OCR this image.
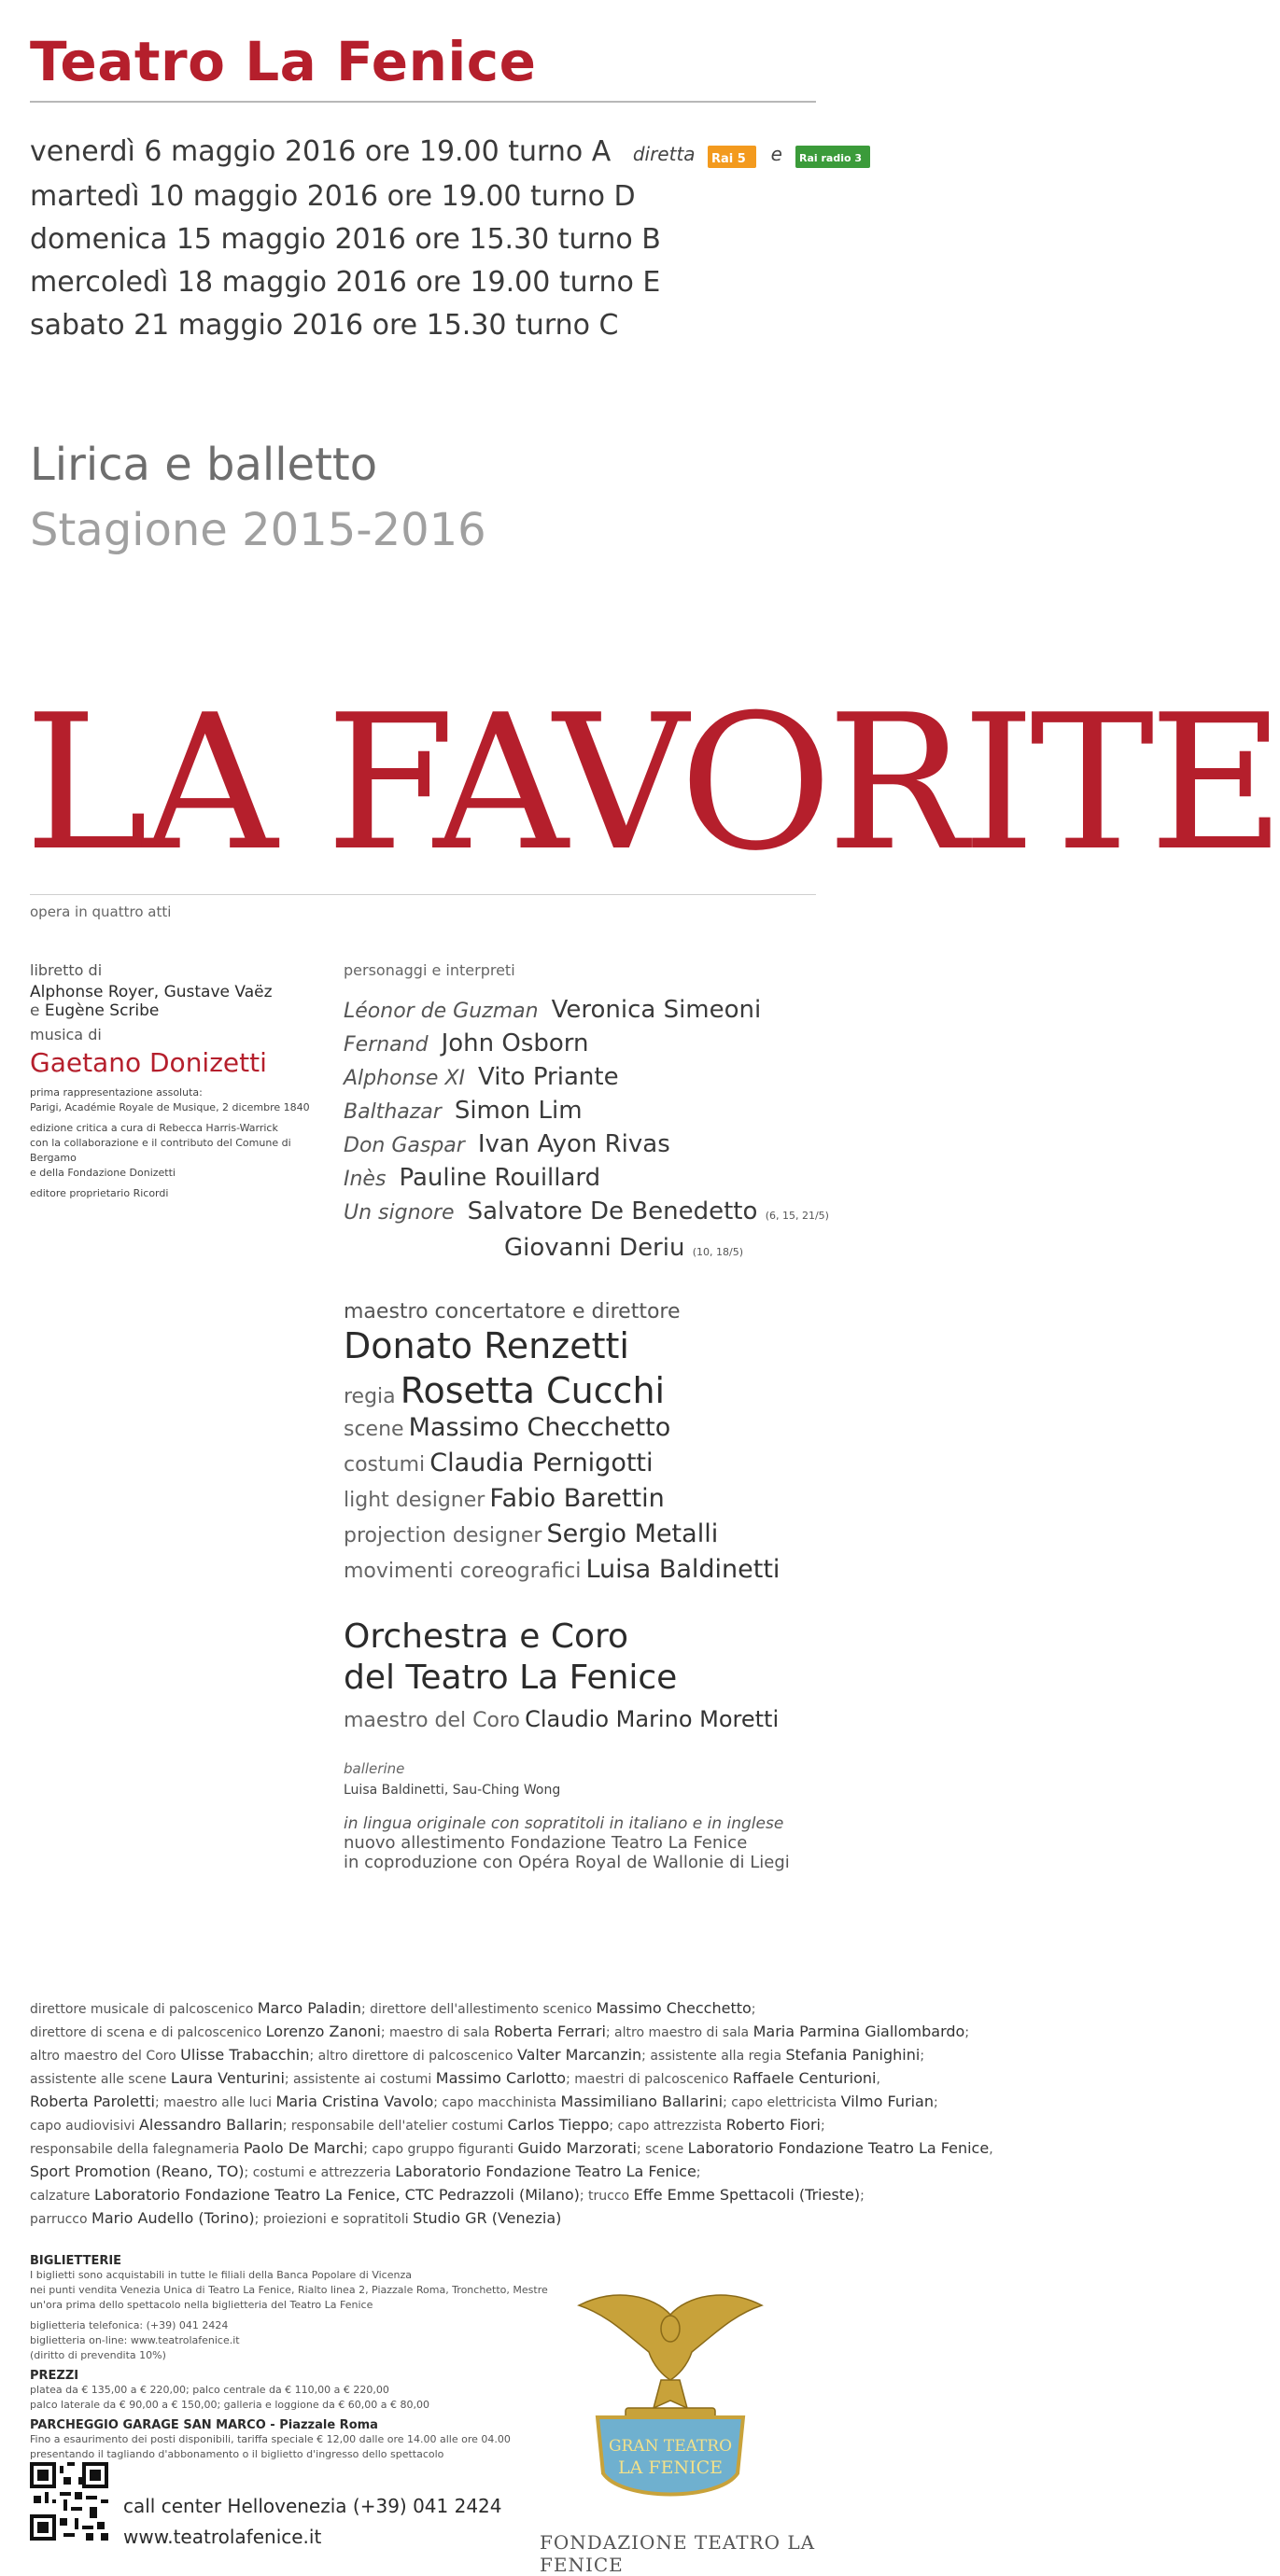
Teatro La Fenice
venerdì 6 maggio 2016 ore 19.00 turno A diretta Rai 5 e Rai radio 3
martedì 10 maggio 2016 ore 19.00 turno D
domenica 15 maggio 2016 ore 15.30 turno B
mercoledì 18 maggio 2016 ore 19.00 turno E
sabato 21 maggio 2016 ore 15.30 turno C
Lirica e balletto
Stagione 2015-2016
LA FAVORITE
opera in quattro atti
libretto di
Alphonse Royer, Gustave Vaëz
e Eugène Scribe
musica di
Gaetano Donizetti
prima rappresentazione assoluta:
Parigi, Académie Royale de Musique, 2 dicembre 1840
edizione critica a cura di Rebecca Harris-Warrick
con la collaborazione e il contributo del Comune di Bergamo
e della Fondazione Donizetti
editore proprietario Ricordi
personaggi e interpreti
Léonor de Guzman Veronica Simeoni
Fernand John Osborn
Alphonse XI Vito Priante
Balthazar Simon Lim
Don Gaspar Ivan Ayon Rivas
Inès Pauline Rouillard
Un signore Salvatore De Benedetto (6, 15, 21/5)
Giovanni Deriu (10, 18/5)
maestro concertatore e direttore
Donato Renzetti
regia Rosetta Cucchi
scene Massimo Checchetto
costumi Claudia Pernigotti
light designer Fabio Barettin
projection designer Sergio Metalli
movimenti coreografici Luisa Baldinetti
Orchestra e Coro
del Teatro La Fenice
maestro del Coro Claudio Marino Moretti
ballerine
Luisa Baldinetti, Sau-Ching Wong
in lingua originale con sopratitoli in italiano e in inglese
nuovo allestimento Fondazione Teatro La Fenice
in coproduzione con Opéra Royal de Wallonie di Liegi
direttore musicale di palcoscenico Marco Paladin; direttore dell'allestimento scenico Massimo Checchetto;
direttore di scena e di palcoscenico Lorenzo Zanoni; maestro di sala Roberta Ferrari; altro maestro di sala Maria Parmina Giallombardo;
altro maestro del Coro Ulisse Trabacchin; altro direttore di palcoscenico Valter Marcanzin; assistente alla regia Stefania Panighini;
assistente alle scene Laura Venturini; assistente ai costumi Massimo Carlotto; maestri di palcoscenico Raffaele Centurioni,
Roberta Paroletti; maestro alle luci Maria Cristina Vavolo; capo macchinista Massimiliano Ballarini; capo elettricista Vilmo Furian;
capo audiovisivi Alessandro Ballarin; responsabile dell'atelier costumi Carlos Tieppo; capo attrezzista Roberto Fiori;
responsabile della falegnameria Paolo De Marchi; capo gruppo figuranti Guido Marzorati; scene Laboratorio Fondazione Teatro La Fenice,
Sport Promotion (Reano, TO); costumi e attrezzeria Laboratorio Fondazione Teatro La Fenice;
calzature Laboratorio Fondazione Teatro La Fenice, CTC Pedrazzoli (Milano); trucco Effe Emme Spettacoli (Trieste);
parrucco Mario Audello (Torino); proiezioni e sopratitoli Studio GR (Venezia)
BIGLIETTERIE

I biglietti sono acquistabili in tutte le filiali della Banca Popolare di Vicenza
nei punti vendita Venezia Unica di Teatro La Fenice, Rialto linea 2, Piazzale Roma, Tronchetto, Mestre
un'ora prima dello spettacolo nella biglietteria del Teatro La Fenice

biglietteria telefonica: (+39) 041 2424
biglietteria on-line: www.teatrolafenice.it
(diritto di prevendita 10%)

PREZZI

platea da € 135,00 a € 220,00; palco centrale da € 110,00 a € 220,00
palco laterale da € 90,00 a € 150,00; galleria e loggione da € 60,00 a € 80,00

PARCHEGGIO GARAGE SAN MARCO - Piazzale Roma

Fino a esaurimento dei posti disponibili, tariffa speciale € 12,00 dalle ore 14.00 alle ore 04.00
presentando il tagliando d'abbonamento o il biglietto d'ingresso dello spettacolo

call center Hellovenezia (+39) 041 2424
www.teatrolafenice.it
GRAN TEATRO
LA FENICE
FONDAZIONE TEATRO LA FENICE
